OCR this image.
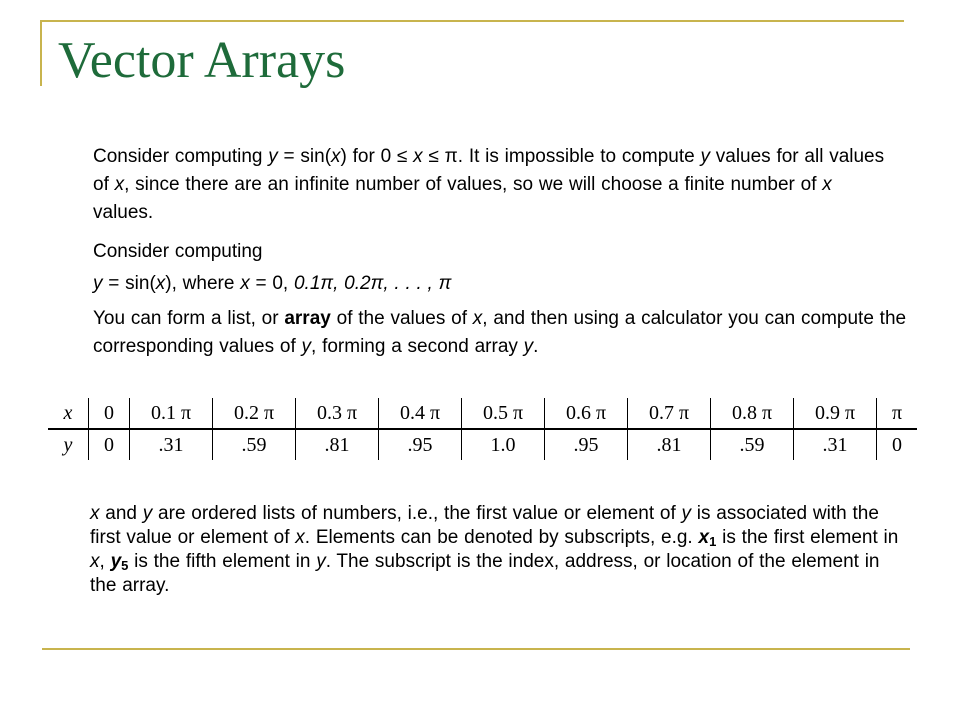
Vector Arrays
Consider computing y = sin(x) for 0 ≤ x ≤ π. It is impossible to compute y values for all values of x, since there are an infinite number of values, so we will choose a finite number of x values.
Consider computing
y = sin(x), where x = 0, 0.1π, 0.2π, . . . , π
You can form a list, or array of the values of x, and then using a calculator you can compute the corresponding values of y, forming a second array y.
x	0	0.1 π	0.2 π	0.3 π	0.4 π	0.5 π	0.6 π	0.7 π	0.8 π	0.9 π	π
y	0	.31	.59	.81	.95	1.0	.95	.81	.59	.31	0
x and y are ordered lists of numbers, i.e., the first value or element of y is associated with the first value or element of x. Elements can be denoted by subscripts, e.g. $x_1$ is the first element in x, $y_5$ is the fifth element in y. The subscript is the index, address, or location of the element in the array.
